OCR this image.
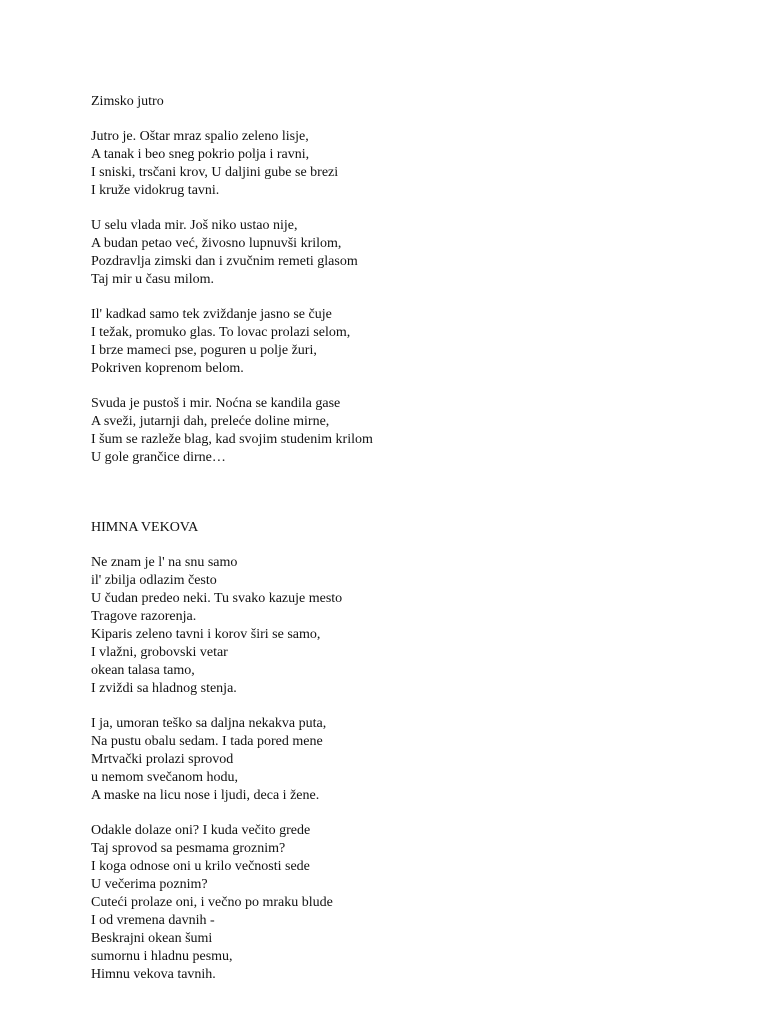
Zimsko jutro
Jutro je. Oštar mraz spalio zeleno lisje,
A tanak i beo sneg pokrio polja i ravni,
I sniski, trsčani krov, U daljini gube se brezi
I kruže vidokrug tavni.
U selu vlada mir. Još niko ustao nije,
A budan petao već, živosno lupnuvši krilom,
Pozdravlja zimski dan i zvučnim remeti glasom
Taj mir u času milom.
Il' kadkad samo tek zviždanje jasno se čuje
I težak, promuko glas. To lovac prolazi selom,
I brze mameci pse, poguren u polje žuri,
Pokriven koprenom belom.
Svuda je pustoš i mir. Noćna se kandila gase
A sveži, jutarnji dah, preleće doline mirne,
I šum se razleže blag, kad svojim studenim krilom
U gole grančice dirne…
HIMNA VEKOVA
Ne znam je l' na snu samo
il' zbilja odlazim često
U čudan predeo neki. Tu svako kazuje mesto
Tragove razorenja.
Kiparis zeleno tavni i korov širi se samo,
I vlažni, grobovski vetar
okean talasa tamo,
I zviždi sa hladnog stenja.
I ja, umoran teško sa daljna nekakva puta,
Na pustu obalu sedam. I tada pored mene
Mrtvački prolazi sprovod
u nemom svečanom hodu,
A maske na licu nose i ljudi, deca i žene.
Odakle dolaze oni? I kuda večito grede
Taj sprovod sa pesmama groznim?
I koga odnose oni u krilo večnosti sede
U večerima poznim?
Cuteći prolaze oni, i večno po mraku blude
I od vremena davnih -
Beskrajni okean šumi
sumornu i hladnu pesmu,
Himnu vekova tavnih.
